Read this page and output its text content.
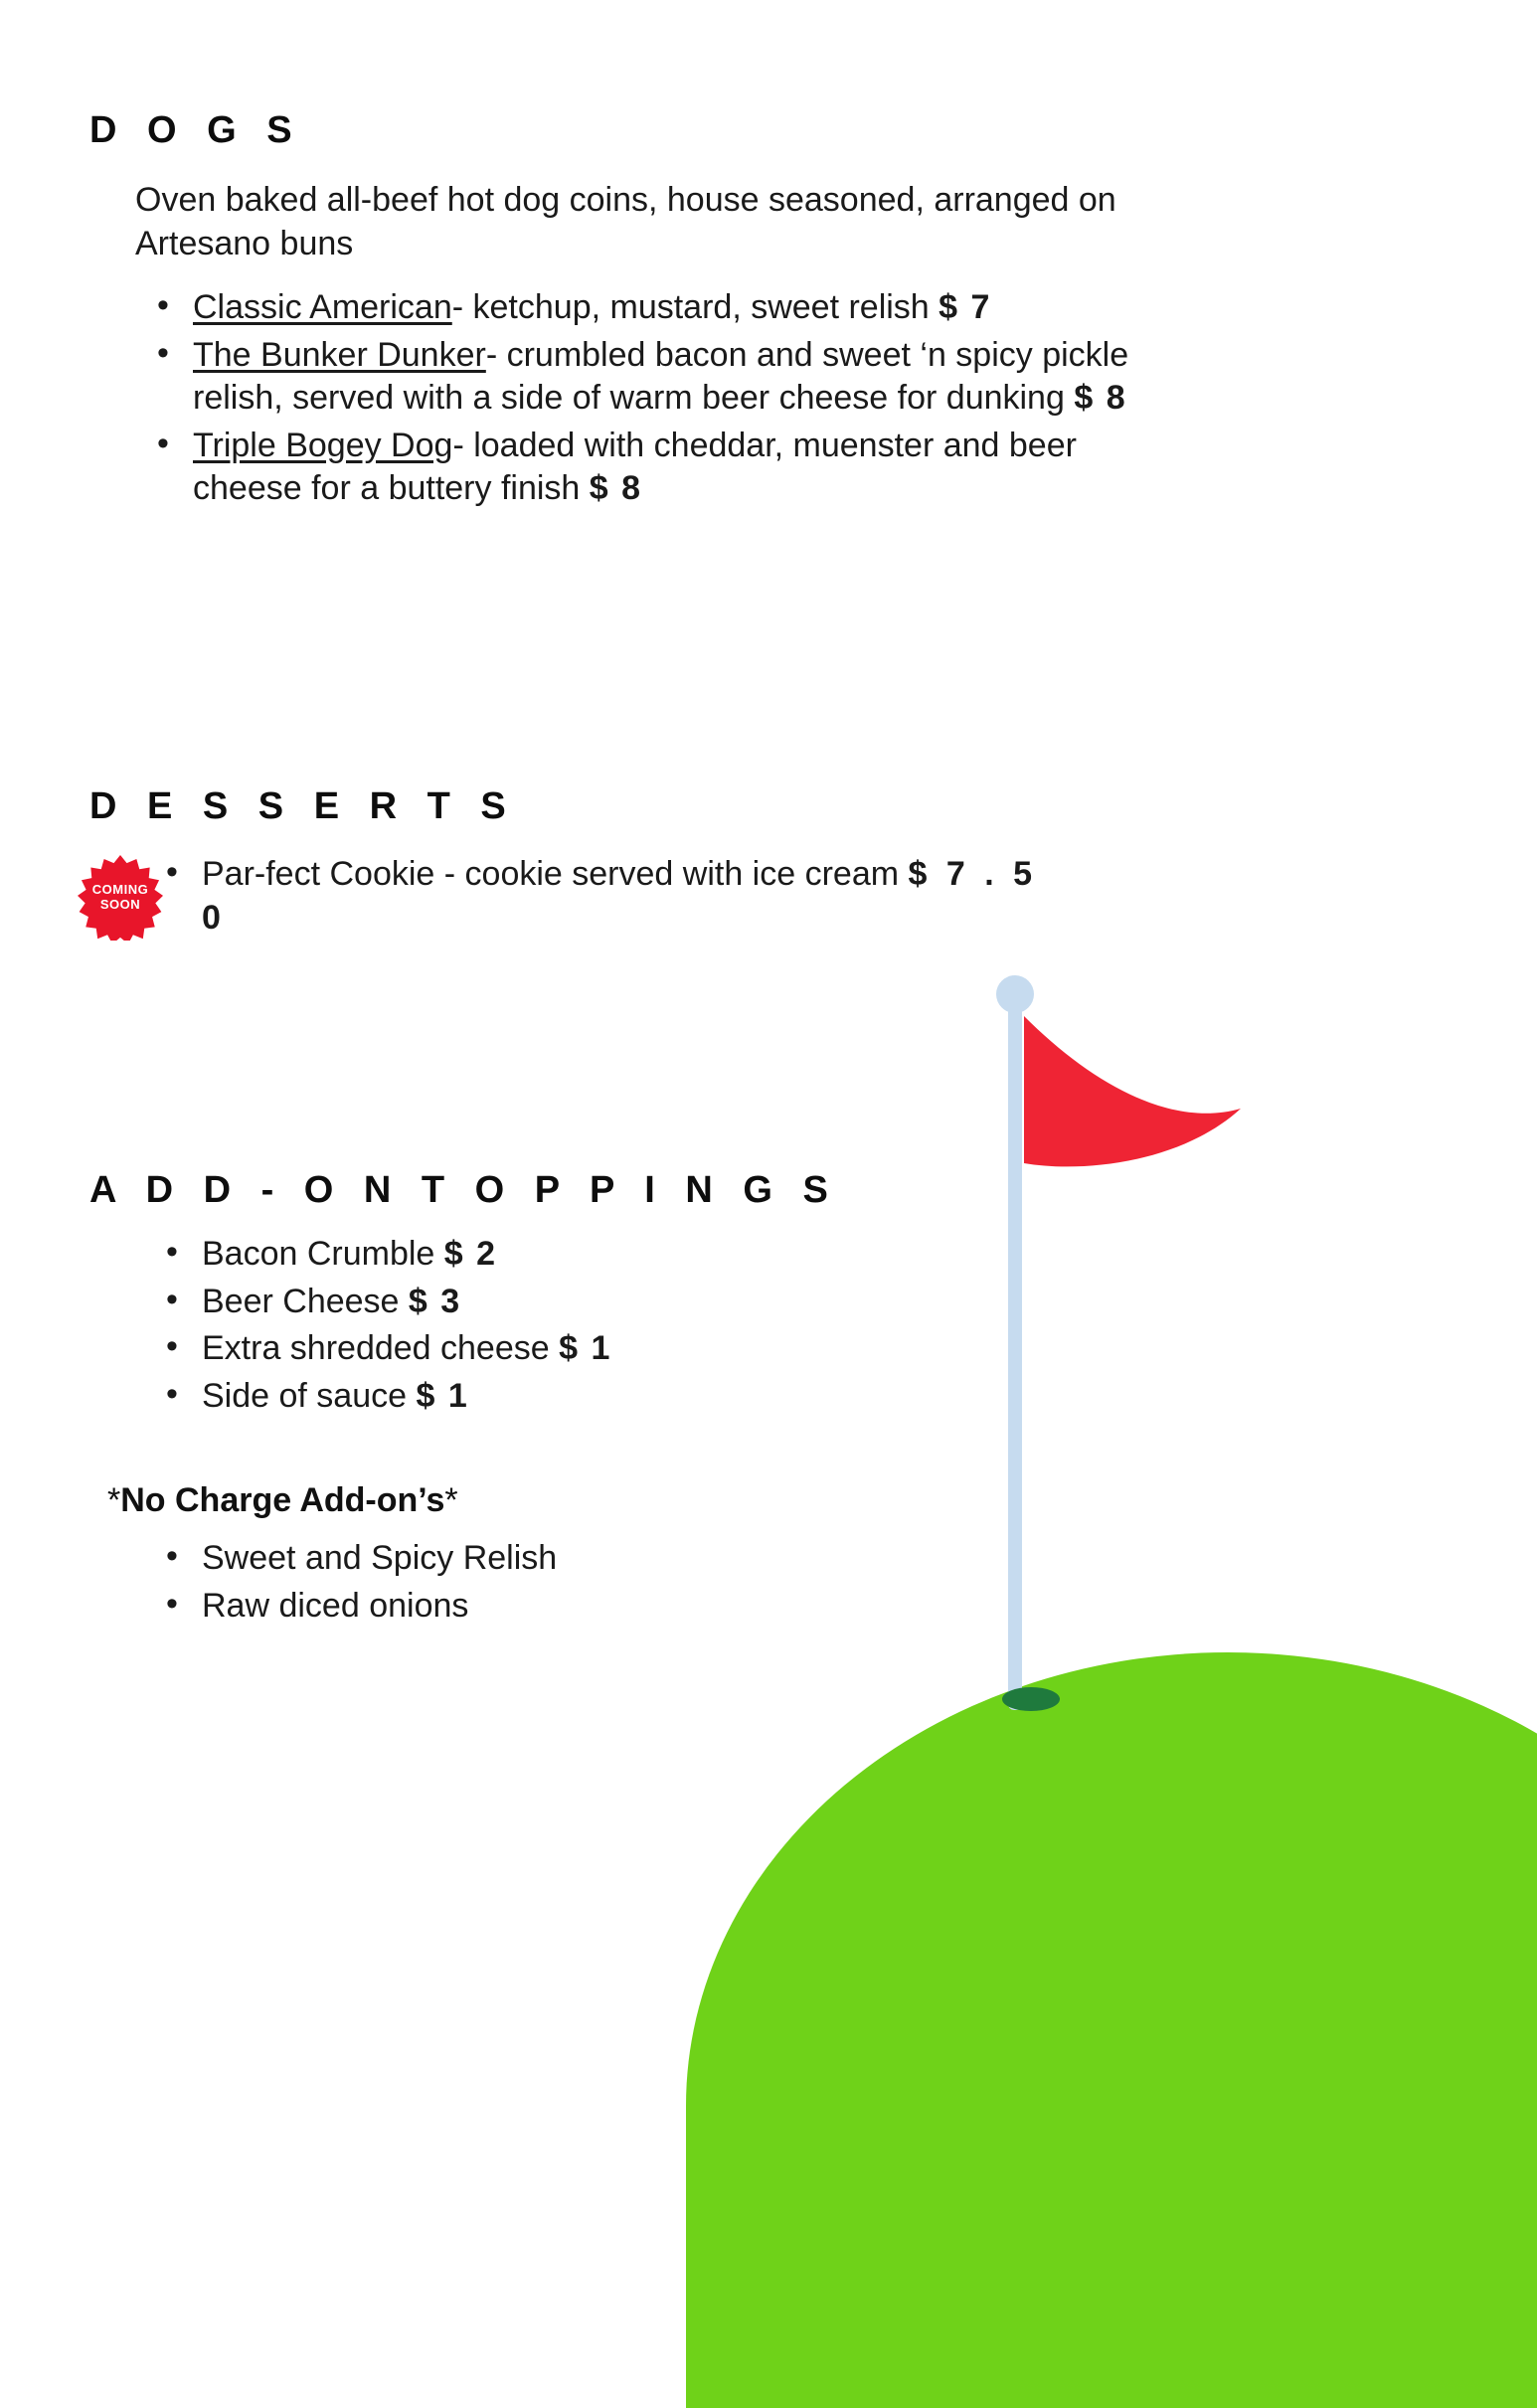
D O G S
Oven baked all-beef hot dog coins, house seasoned, arranged on Artesano buns
• Classic American- ketchup, mustard, sweet relish $ 7
• The Bunker Dunker- crumbled bacon and sweet ‘n spicy pickle relish, served with a side of warm beer cheese for dunking $ 8
• Triple Bogey Dog- loaded with cheddar, muenster and beer cheese for a buttery finish $ 8
D E S S E R T S
COMING
SOON
• Par-fect Cookie - cookie served with ice cream $ 7 . 5 0
A D D - O N T O P P I N G S
• Bacon Crumble $ 2
• Beer Cheese $ 3
• Extra shredded cheese $ 1
• Side of sauce $ 1
*No Charge Add-on’s*
• Sweet and Spicy Relish
• Raw diced onions
